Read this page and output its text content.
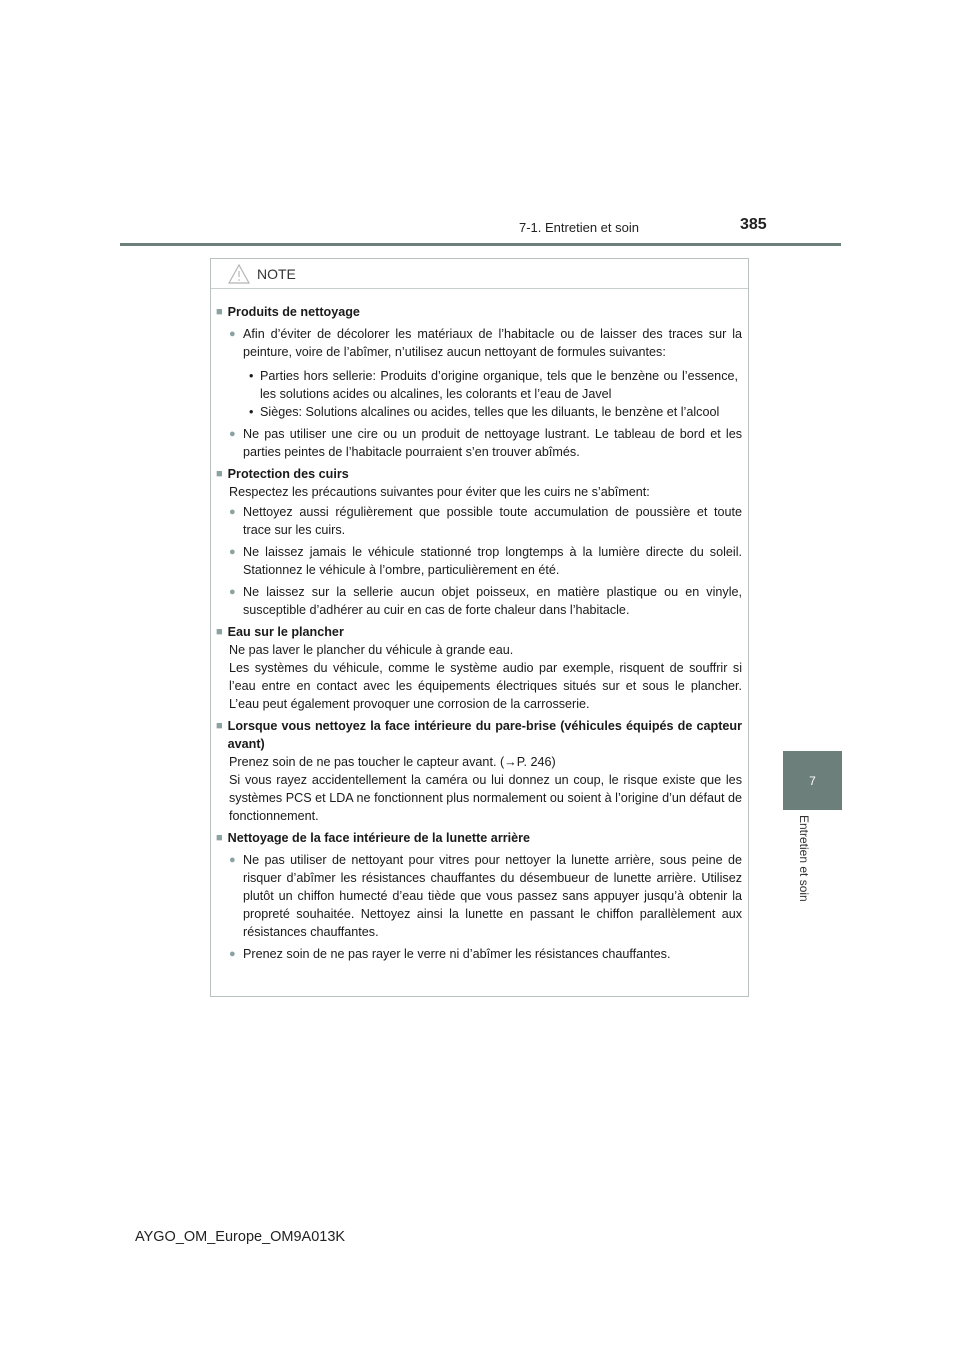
7-1. Entretien et soin	385
7
Entretien et soin
NOTE
■ Produits de nettoyage
● Afin d’éviter de décolorer les matériaux de l’habitacle ou de laisser des traces sur la peinture, voire de l’abîmer, n’utilisez aucun nettoyant de formules suivantes:
• Parties hors sellerie: Produits d’origine organique, tels que le benzène ou l’essence, les solutions acides ou alcalines, les colorants et l’eau de Javel
• Sièges: Solutions alcalines ou acides, telles que les diluants, le benzène et l’alcool
● Ne pas utiliser une cire ou un produit de nettoyage lustrant. Le tableau de bord et les parties peintes de l’habitacle pourraient s’en trouver abîmés.
■ Protection des cuirs
Respectez les précautions suivantes pour éviter que les cuirs ne s’abîment:
● Nettoyez aussi régulièrement que possible toute accumulation de poussière et toute trace sur les cuirs.
● Ne laissez jamais le véhicule stationné trop longtemps à la lumière directe du soleil. Stationnez le véhicule à l’ombre, particulièrement en été.
● Ne laissez sur la sellerie aucun objet poisseux, en matière plastique ou en vinyle, susceptible d’adhérer au cuir en cas de forte chaleur dans l’habitacle.
■ Eau sur le plancher
Ne pas laver le plancher du véhicule à grande eau.
Les systèmes du véhicule, comme le système audio par exemple, risquent de souffrir si l’eau entre en contact avec les équipements électriques situés sur et sous le plancher. L’eau peut également provoquer une corrosion de la carrosserie.
■ Lorsque vous nettoyez la face intérieure du pare-brise (véhicules équipés de capteur avant)
Prenez soin de ne pas toucher le capteur avant. (→P. 246)
Si vous rayez accidentellement la caméra ou lui donnez un coup, le risque existe que les systèmes PCS et LDA ne fonctionnent plus normalement ou soient à l’origine d’un défaut de fonctionnement.
■ Nettoyage de la face intérieure de la lunette arrière
● Ne pas utiliser de nettoyant pour vitres pour nettoyer la lunette arrière, sous peine de risquer d’abîmer les résistances chauffantes du désembueur de lunette arrière. Utilisez plutôt un chiffon humecté d’eau tiède que vous passez sans appuyer jusqu’à obtenir la propreté souhaitée. Nettoyez ainsi la lunette en passant le chiffon parallèlement aux résistances chauffantes.
● Prenez soin de ne pas rayer le verre ni d’abîmer les résistances chauffantes.
AYGO_OM_Europe_OM9A013K
